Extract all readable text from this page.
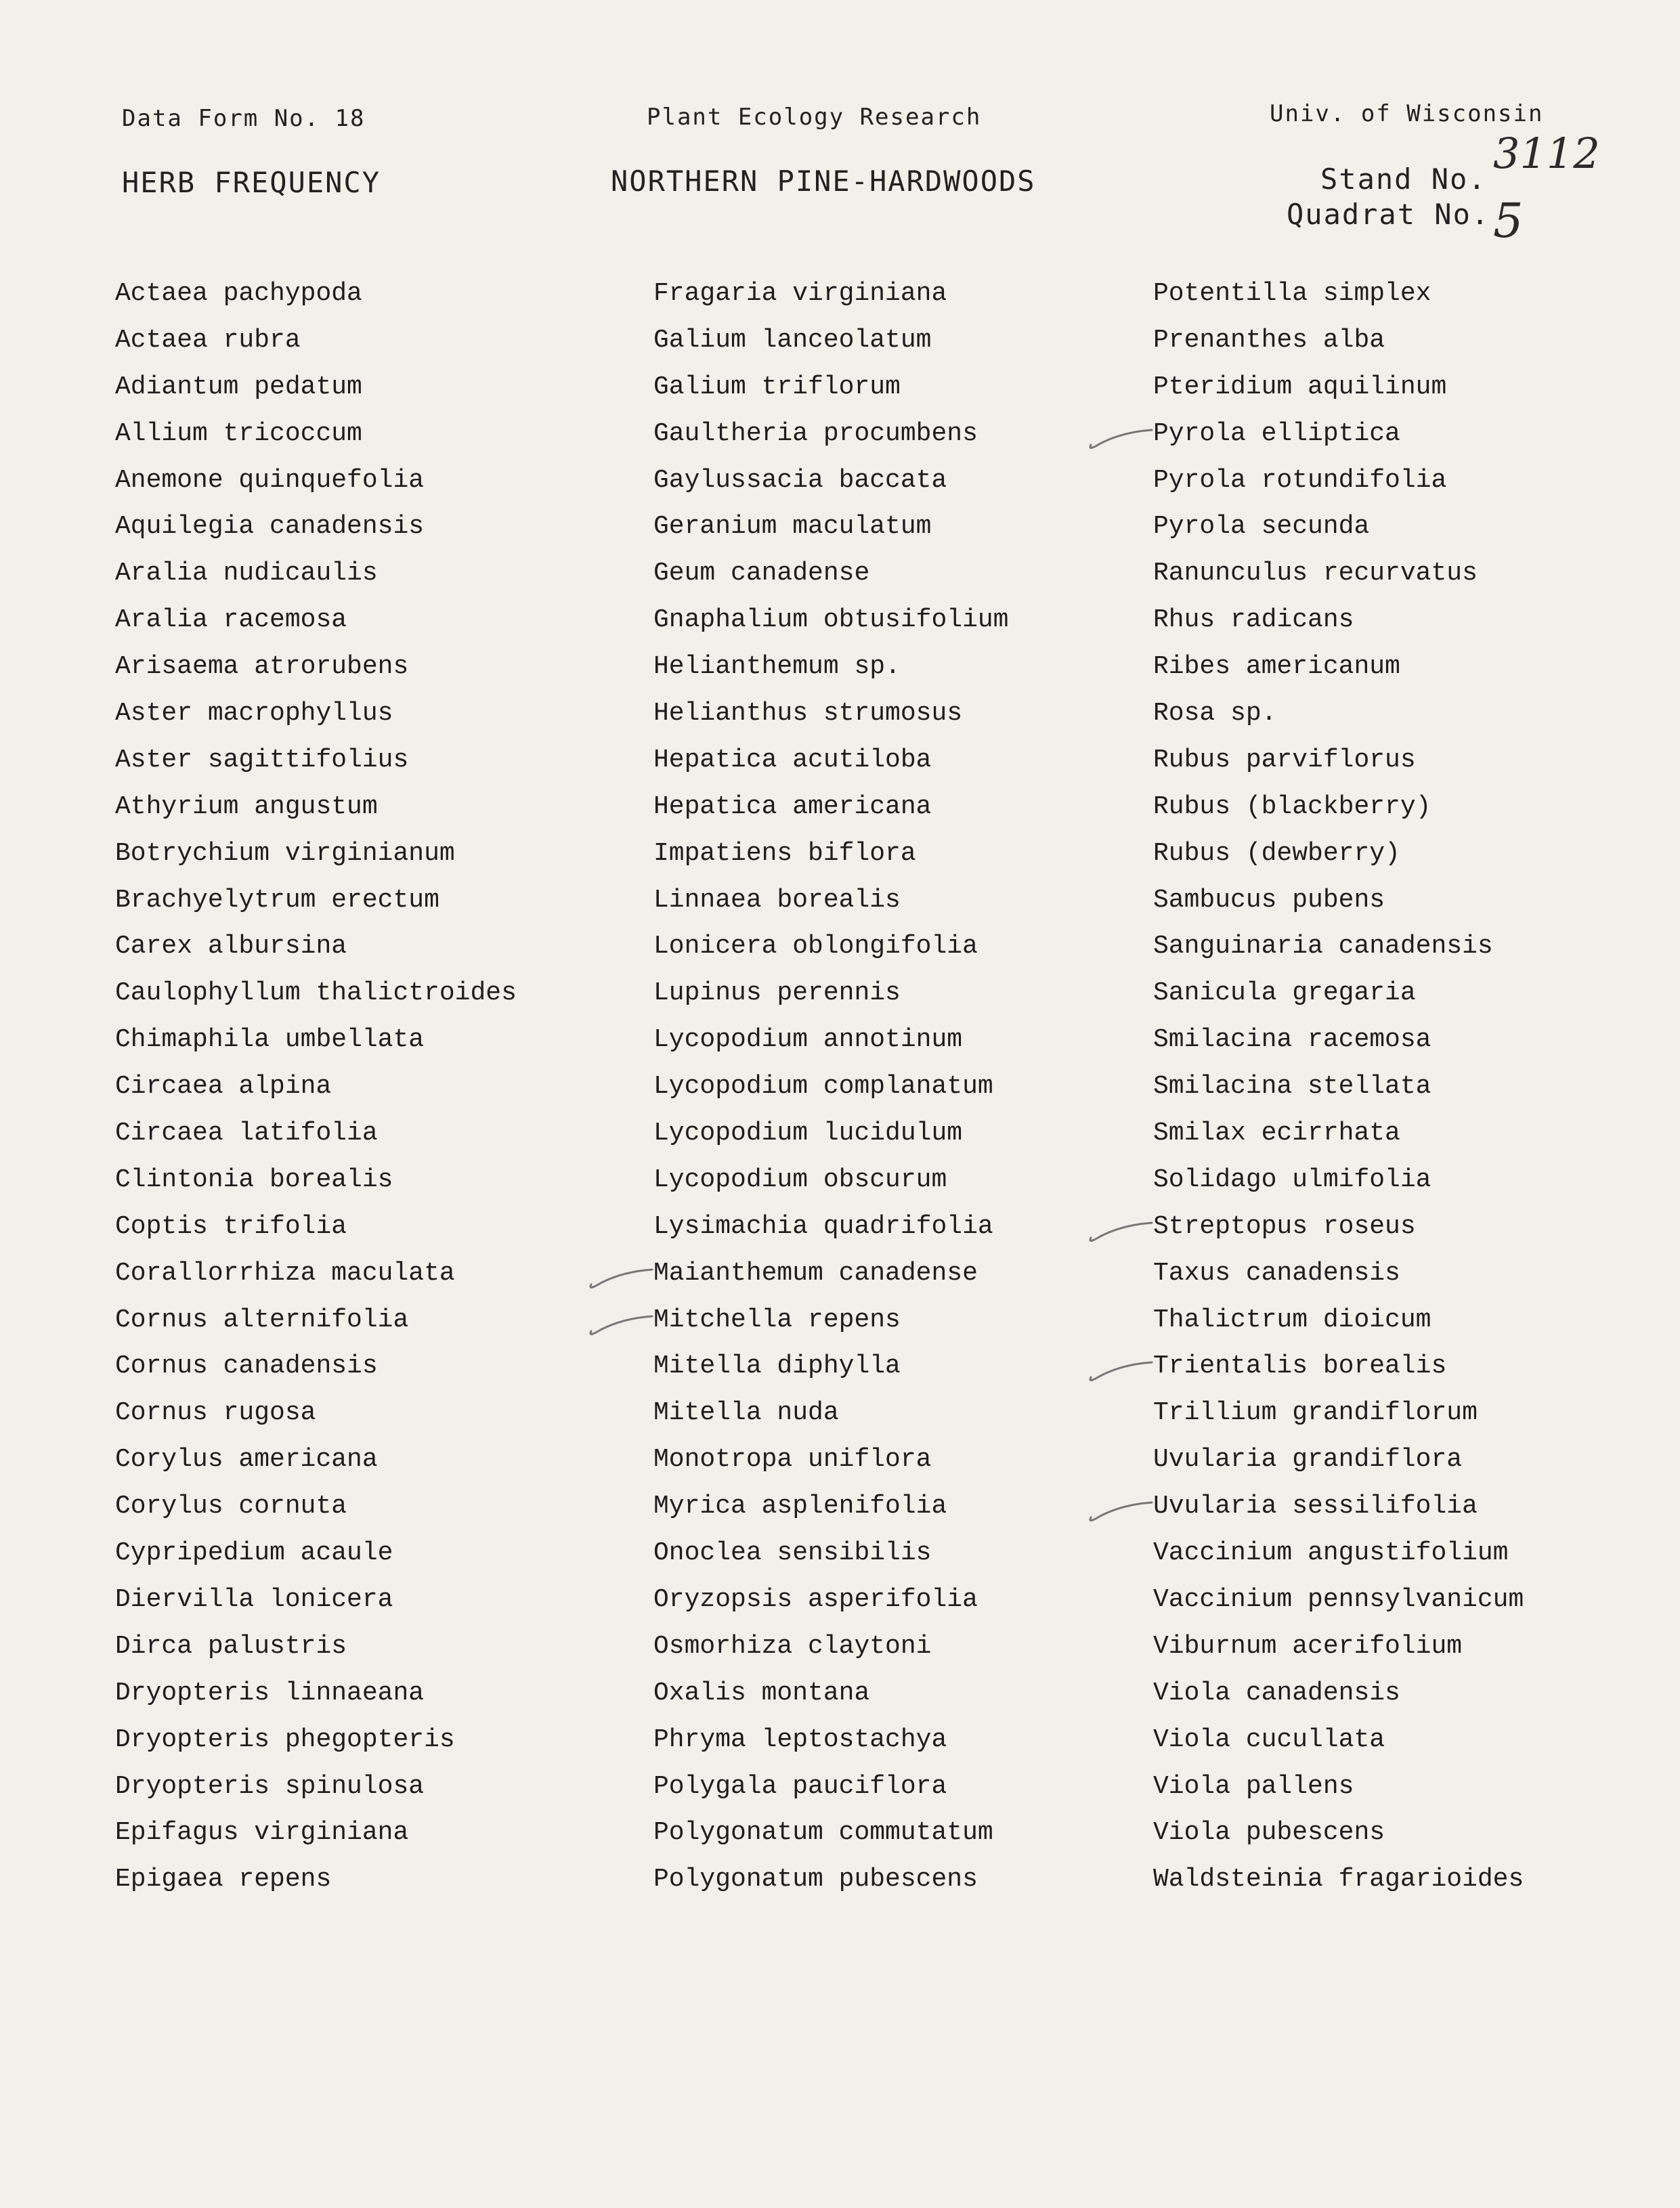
Data Form No. 18	Plant Ecology Research	Univ. of Wisconsin
HERB FREQUENCY	NORTHERN PINE-HARDWOODS	Stand No.
3112
Quadrat No. 5
Actaea pachypoda
Actaea rubra
Adiantum pedatum
Allium tricoccum
Anemone quinquefolia
Aquilegia canadensis
Aralia nudicaulis
Aralia racemosa
Arisaema atrorubens
Aster macrophyllus
Aster sagittifolius
Athyrium angustum
Botrychium virginianum
Brachyelytrum erectum
Carex albursina
Caulophyllum thalictroides
Chimaphila umbellata
Circaea alpina
Circaea latifolia
Clintonia borealis
Coptis trifolia
Corallorrhiza maculata
Cornus alternifolia
Cornus canadensis
Cornus rugosa
Corylus americana
Corylus cornuta
Cypripedium acaule
Diervilla lonicera
Dirca palustris
Dryopteris linnaeana
Dryopteris phegopteris
Dryopteris spinulosa
Epifagus virginiana
Epigaea repens
Fragaria virginiana
Galium lanceolatum
Galium triflorum
Gaultheria procumbens
Gaylussacia baccata
Geranium maculatum
Geum canadense
Gnaphalium obtusifolium
Helianthemum sp.
Helianthus strumosus
Hepatica acutiloba
Hepatica americana
Impatiens biflora
Linnaea borealis
Lonicera oblongifolia
Lupinus perennis
Lycopodium annotinum
Lycopodium complanatum
Lycopodium lucidulum
Lycopodium obscurum
Lysimachia quadrifolia
Maianthemum canadense
Mitchella repens
Mitella diphylla
Mitella nuda
Monotropa uniflora
Myrica asplenifolia
Onoclea sensibilis
Oryzopsis asperifolia
Osmorhiza claytoni
Oxalis montana
Phryma leptostachya
Polygala pauciflora
Polygonatum commutatum
Polygonatum pubescens
Potentilla simplex
Prenanthes alba
Pteridium aquilinum
Pyrola elliptica
Pyrola rotundifolia
Pyrola secunda
Ranunculus recurvatus
Rhus radicans
Ribes americanum
Rosa sp.
Rubus parviflorus
Rubus (blackberry)
Rubus (dewberry)
Sambucus pubens
Sanguinaria canadensis
Sanicula gregaria
Smilacina racemosa
Smilacina stellata
Smilax ecirrhata
Solidago ulmifolia
Streptopus roseus
Taxus canadensis
Thalictrum dioicum
Trientalis borealis
Trillium grandiflorum
Uvularia grandiflora
Uvularia sessilifolia
Vaccinium angustifolium
Vaccinium pennsylvanicum
Viburnum acerifolium
Viola canadensis
Viola cucullata
Viola pallens
Viola pubescens
Waldsteinia fragarioides
